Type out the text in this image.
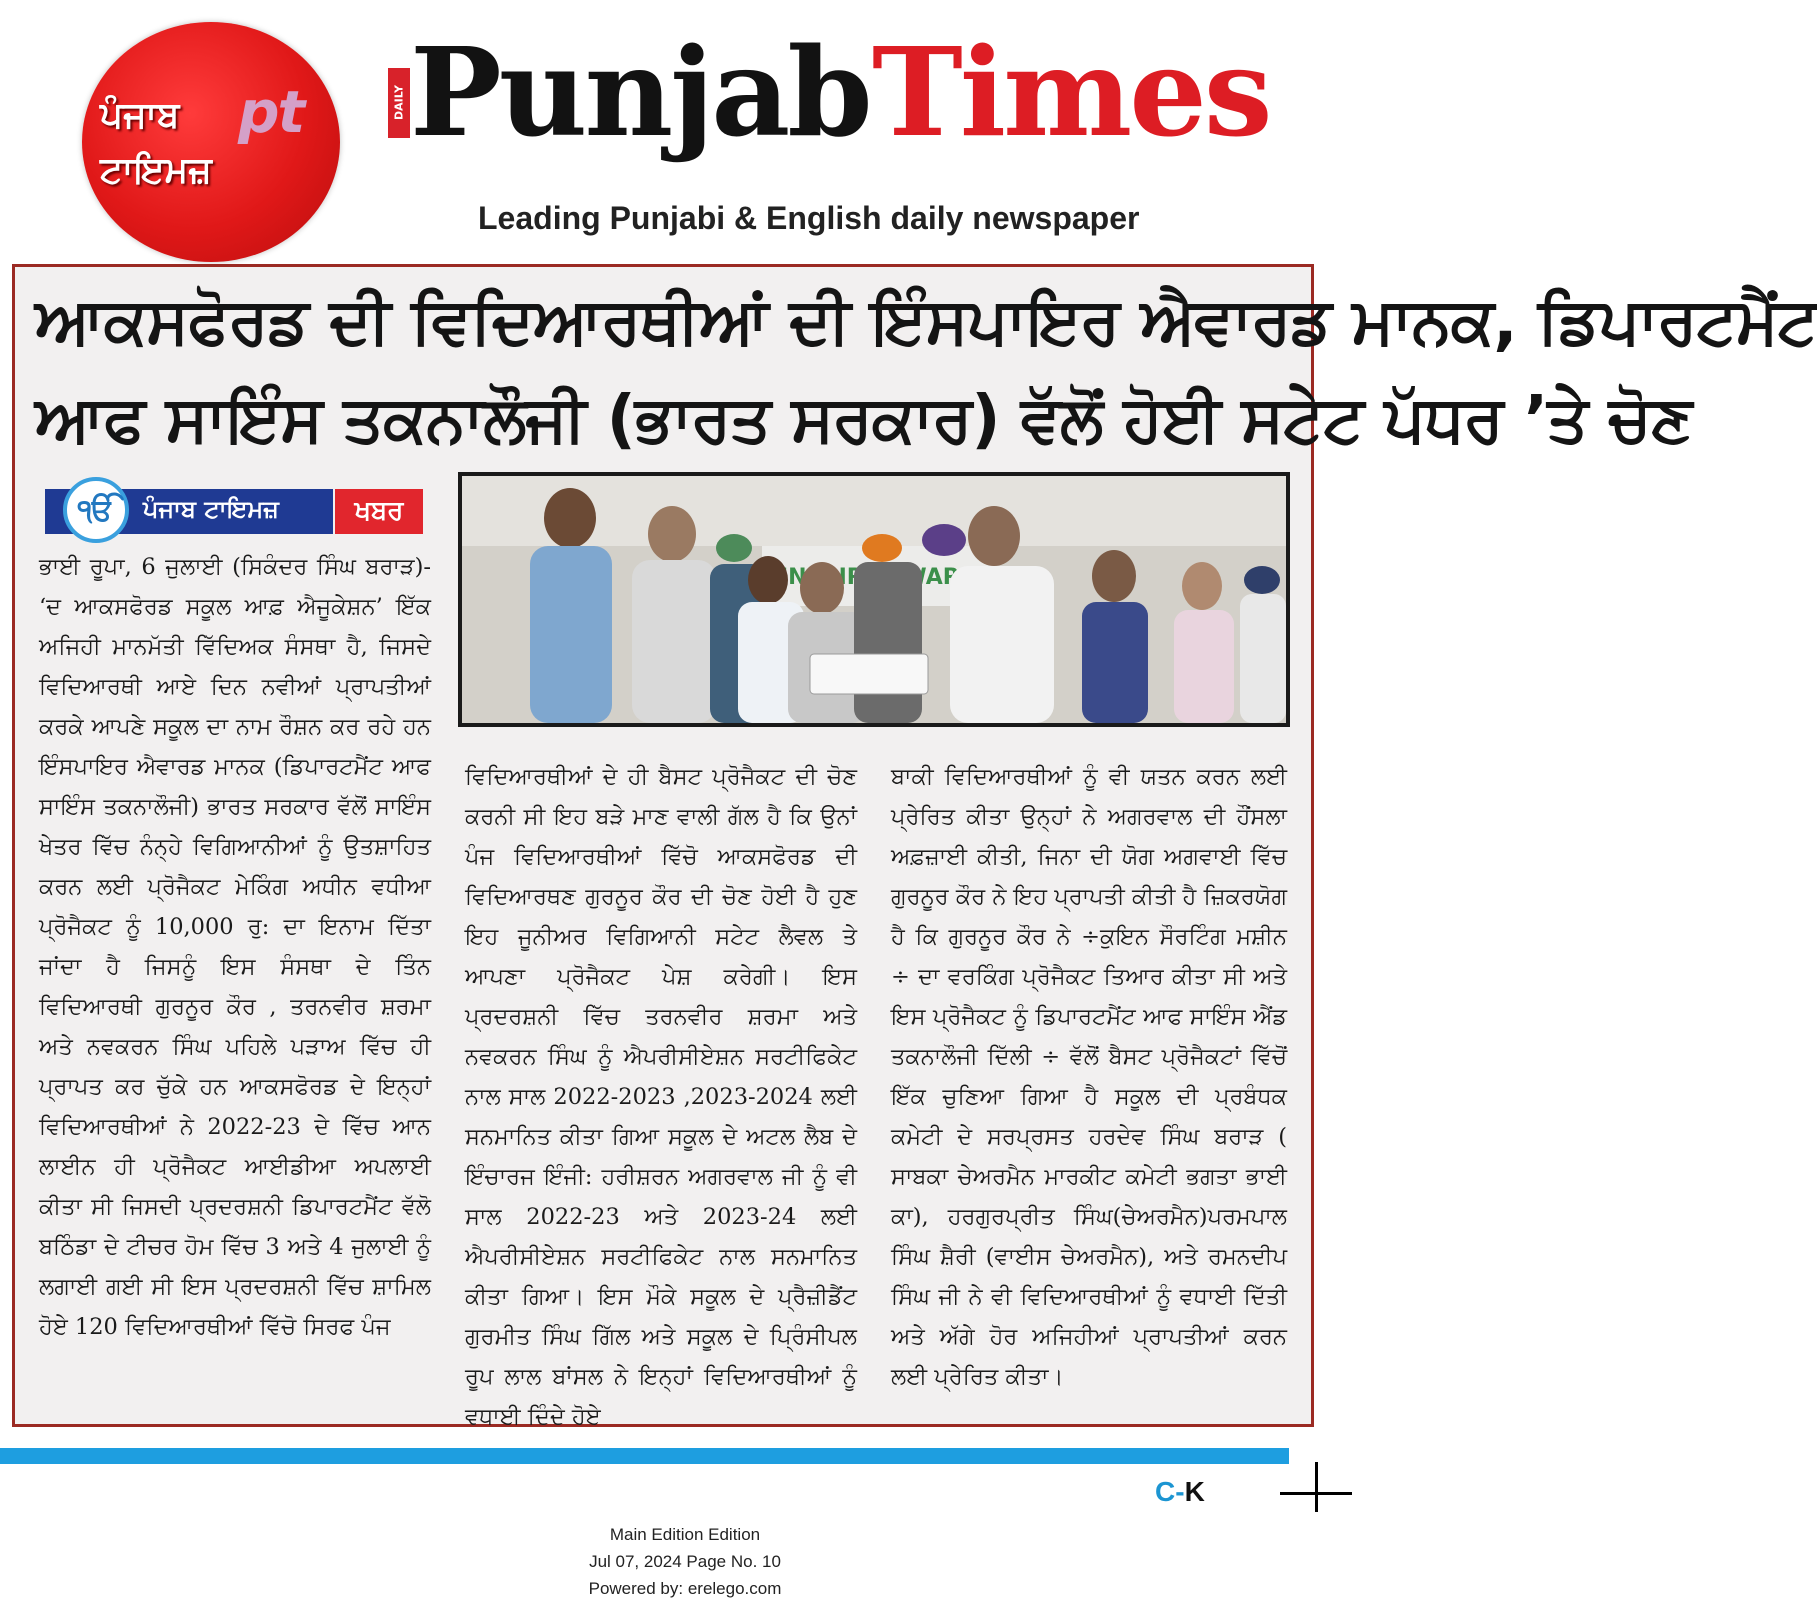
ਪੰਜਾਬ	pt
ਟਾਇਮਜ਼
DAILY Punjab Times
Leading Punjabi & English daily newspaper
ਆਕਸਫੋਰਡ ਦੀ ਵਿਦਿਆਰਥੀਆਂ ਦੀ ਇੰਸਪਾਇਰ ਐਵਾਰਡ ਮਾਨਕ, ਡਿਪਾਰਟਮੈਂਟ
ਆਫ ਸਾਇੰਸ ਤਕਨਾਲੌਜੀ (ਭਾਰਤ ਸਰਕਾਰ) ਵੱਲੋਂ ਹੋਈ ਸਟੇਟ ਪੱਧਰ ’ਤੇ ਚੋਣ
ੴ	ਪੰਜਾਬ ਟਾਇਮਜ਼	ਖਬਰ
AWARD

ਭਾਈ ਰੂਪਾ, 6 ਜੁਲਾਈ (ਸਿਕੰਦਰ ਸਿੰਘ ਬਰਾੜ)- ‘ਦ ਆਕਸਫੋਰਡ ਸਕੂਲ ਆਫ਼ ਐਜੂਕੇਸ਼ਨ’ ਇੱਕ ਅਜਿਹੀ ਮਾਨਮੱਤੀ ਵਿੱਦਿਅਕ ਸੰਸਥਾ ਹੈ, ਜਿਸਦੇ ਵਿਦਿਆਰਥੀ ਆਏ ਦਿਨ ਨਵੀਆਂ ਪ੍ਰਾਪਤੀਆਂ ਕਰਕੇ ਆਪਣੇ ਸਕੂਲ ਦਾ ਨਾਮ ਰੌਸ਼ਨ ਕਰ ਰਹੇ ਹਨ ਇੰਸਪਾਇਰ ਐਵਾਰਡ ਮਾਨਕ (ਡਿਪਾਰਟਮੈਂਟ ਆਫ ਸਾਇੰਸ ਤਕਨਾਲੌਜੀ) ਭਾਰਤ ਸਰਕਾਰ ਵੱਲੋਂ ਸਾਇੰਸ ਖੇਤਰ ਵਿੱਚ ਨੰਨ੍ਹੇ ਵਿਗਿਆਨੀਆਂ ਨੂੰ ਉਤਸ਼ਾਹਿਤ ਕਰਨ ਲਈ ਪ੍ਰੋਜੈਕਟ ਮੇਕਿੰਗ ਅਧੀਨ ਵਧੀਆ ਪ੍ਰੋਜੈਕਟ ਨੂੰ 10,000 ਰੁ: ਦਾ ਇਨਾਮ ਦਿੱਤਾ ਜਾਂਦਾ ਹੈ ਜਿਸਨੂੰ ਇਸ ਸੰਸਥਾ ਦੇ ਤਿੰਨ ਵਿਦਿਆਰਥੀ ਗੁਰਨੂਰ ਕੌਰ , ਤਰਨਵੀਰ ਸ਼ਰਮਾ ਅਤੇ ਨਵਕਰਨ ਸਿੰਘ ਪਹਿਲੇ ਪੜਾਅ ਵਿੱਚ ਹੀ ਪ੍ਰਾਪਤ ਕਰ ਚੁੱਕੇ ਹਨ ਆਕਸਫੋਰਡ ਦੇ ਇਨ੍ਹਾਂ ਵਿਦਿਆਰਥੀਆਂ ਨੇ 2022-23 ਦੇ ਵਿੱਚ ਆਨ ਲਾਈਨ ਹੀ ਪ੍ਰੋਜੈਕਟ ਆਈਡੀਆ ਅਪਲਾਈ ਕੀਤਾ ਸੀ ਜਿਸਦੀ ਪ੍ਰਦਰਸ਼ਨੀ ਡਿਪਾਰਟਮੈਂਟ ਵੱਲੋ ਬਠਿੰਡਾ ਦੇ ਟੀਚਰ ਹੋਮ ਵਿੱਚ 3 ਅਤੇ 4 ਜੁਲਾਈ ਨੂੰ ਲਗਾਈ ਗਈ ਸੀ ਇਸ ਪ੍ਰਦਰਸ਼ਨੀ ਵਿੱਚ ਸ਼ਾਮਿਲ ਹੋਏ 120 ਵਿਦਿਆਰਥੀਆਂ ਵਿੱਚੋ ਸਿਰਫ ਪੰਜ

ਵਿਦਿਆਰਥੀਆਂ ਦੇ ਹੀ ਬੈਸਟ ਪ੍ਰੋਜੈਕਟ ਦੀ ਚੋਣ ਕਰਨੀ ਸੀ ਇਹ ਬੜੇ ਮਾਣ ਵਾਲੀ ਗੱਲ ਹੈ ਕਿ ਉਨਾਂ ਪੰਜ ਵਿਦਿਆਰਥੀਆਂ ਵਿੱਚੋ ਆਕਸਫੋਰਡ ਦੀ ਵਿਦਿਆਰਥਣ ਗੁਰਨੂਰ ਕੌਰ ਦੀ ਚੋਣ ਹੋਈ ਹੈ ਹੁਣ ਇਹ ਜੂਨੀਅਰ ਵਿਗਿਆਨੀ ਸਟੇਟ ਲੈਵਲ ਤੇ ਆਪਣਾ ਪ੍ਰੋਜੈਕਟ ਪੇਸ਼ ਕਰੇਗੀ। ਇਸ ਪ੍ਰਦਰਸ਼ਨੀ ਵਿੱਚ ਤਰਨਵੀਰ ਸ਼ਰਮਾ ਅਤੇ ਨਵਕਰਨ ਸਿੰਘ ਨੂੰ ਐਪਰੀਸੀਏਸ਼ਨ ਸਰਟੀਫਿਕੇਟ ਨਾਲ ਸਾਲ 2022-2023 ,2023-2024 ਲਈ ਸਨਮਾਨਿਤ ਕੀਤਾ ਗਿਆ ਸਕੂਲ ਦੇ ਅਟਲ ਲੈਬ ਦੇ ਇੰਚਾਰਜ ਇੰਜੀ: ਹਰੀਸ਼ਰਨ ਅਗਰਵਾਲ ਜੀ ਨੂੰ ਵੀ ਸਾਲ 2022-23 ਅਤੇ 2023-24 ਲਈ ਐਪਰੀਸੀਏਸ਼ਨ ਸਰਟੀਫਿਕੇਟ ਨਾਲ ਸਨਮਾਨਿਤ ਕੀਤਾ ਗਿਆ। ਇਸ ਮੌਕੇ ਸਕੂਲ ਦੇ ਪ੍ਰੈਜ਼ੀਡੈਂਟ ਗੁਰਮੀਤ ਸਿੰਘ ਗਿੱਲ ਅਤੇ ਸਕੂਲ ਦੇ ਪ੍ਰਿੰਸੀਪਲ ਰੂਪ ਲਾਲ ਬਾਂਸਲ ਨੇ ਇਨ੍ਹਾਂ ਵਿਦਿਆਰਥੀਆਂ ਨੂੰ ਵਧਾਈ ਦਿੰਦੇ ਹੋਏ

ਬਾਕੀ ਵਿਦਿਆਰਥੀਆਂ ਨੂੰ ਵੀ ਯਤਨ ਕਰਨ ਲਈ ਪ੍ਰੇਰਿਤ ਕੀਤਾ ਉਨ੍ਹਾਂ ਨੇ ਅਗਰਵਾਲ ਦੀ ਹੌਂਸਲਾ ਅਫ਼ਜ਼ਾਈ ਕੀਤੀ, ਜਿਨਾ ਦੀ ਯੋਗ ਅਗਵਾਈ ਵਿੱਚ ਗੁਰਨੂਰ ਕੌਰ ਨੇ ਇਹ ਪ੍ਰਾਪਤੀ ਕੀਤੀ ਹੈ ਜ਼ਿਕਰਯੋਗ ਹੈ ਕਿ ਗੁਰਨੂਰ ਕੌਰ ਨੇ ÷ਕੁਇਨ ਸੌਰਟਿੰਗ ਮਸ਼ੀਨ ÷ ਦਾ ਵਰਕਿੰਗ ਪ੍ਰੋਜੈਕਟ ਤਿਆਰ ਕੀਤਾ ਸੀ ਅਤੇ ਇਸ ਪ੍ਰੋਜੈਕਟ ਨੂੰ ਡਿਪਾਰਟਮੈਂਟ ਆਫ ਸਾਇੰਸ ਐਂਡ ਤਕਨਾਲੌਜੀ ਦਿੱਲੀ ÷ ਵੱਲੋਂ ਬੈਸਟ ਪ੍ਰੋਜੈਕਟਾਂ ਵਿੱਚੋਂ ਇੱਕ ਚੁਣਿਆ ਗਿਆ ਹੈ ਸਕੂਲ ਦੀ ਪ੍ਰਬੰਧਕ ਕਮੇਟੀ ਦੇ ਸਰਪ੍ਰਸਤ ਹਰਦੇਵ ਸਿੰਘ ਬਰਾੜ ( ਸਾਬਕਾ ਚੇਅਰਮੈਨ ਮਾਰਕੀਟ ਕਮੇਟੀ ਭਗਤਾ ਭਾਈ ਕਾ), ਹਰਗੁਰਪ੍ਰੀਤ ਸਿੰਘ(ਚੇਅਰਮੈਨ)ਪਰਮਪਾਲ ਸਿੰਘ ਸ਼ੈਰੀ (ਵਾਈਸ ਚੇਅਰਮੈਨ), ਅਤੇ ਰਮਨਦੀਪ ਸਿੰਘ ਜੀ ਨੇ ਵੀ ਵਿਦਿਆਰਥੀਆਂ ਨੂੰ ਵਧਾਈ ਦਿੱਤੀ ਅਤੇ ਅੱਗੇ ਹੋਰ ਅਜਿਹੀਆਂ ਪ੍ਰਾਪਤੀਆਂ ਕਰਨ ਲਈ ਪ੍ਰੇਰਿਤ ਕੀਤਾ।

C-K
Main Edition Edition
Jul 07, 2024 Page No. 10
Powered by: erelego.com
